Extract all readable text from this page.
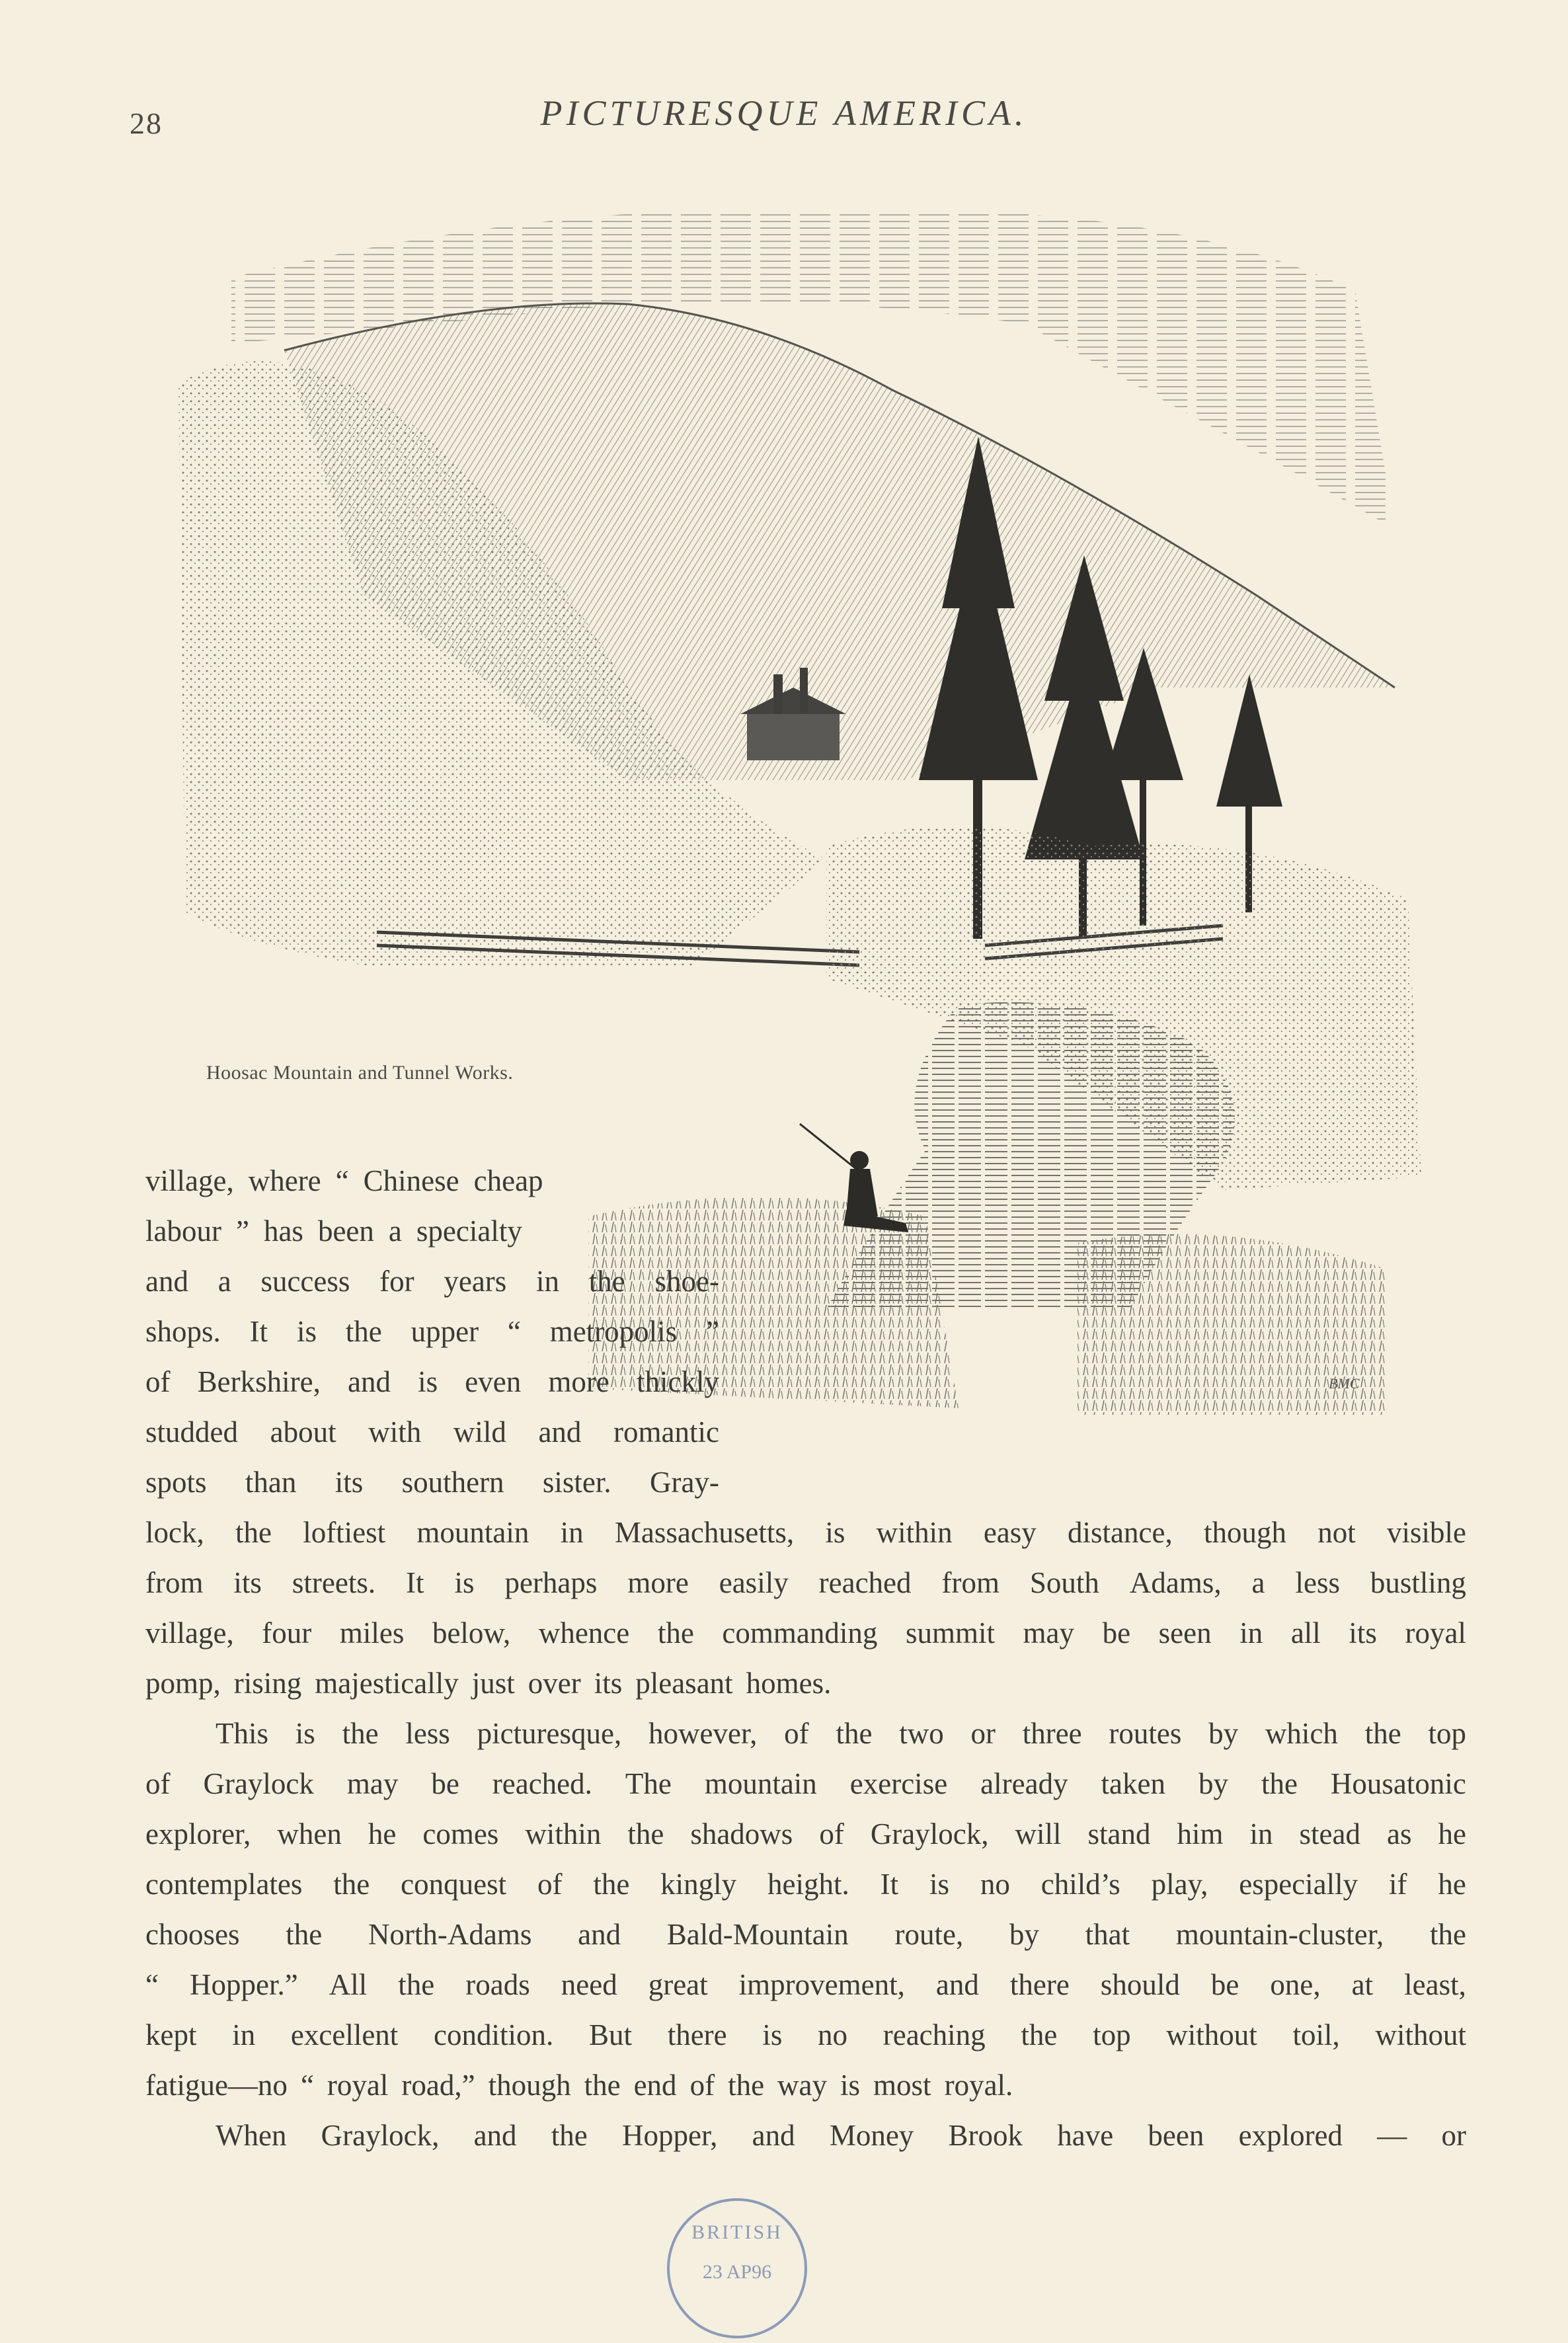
28	PICTURESQUE AMERICA.
BMC
Hoosac Mountain and Tunnel Works.
village, where “ Chinese cheap
labour ” has been a specialty
and a success for years in the shoe-
shops. It is the upper “ metropolis ”
of Berkshire, and is even more thickly
studded about with wild and romantic
spots than its southern sister. Gray-
lock, the loftiest mountain in Massachusetts, is within easy distance, though not visible
from its streets. It is perhaps more easily reached from South Adams, a less bustling
village, four miles below, whence the commanding summit may be seen in all its royal
pomp, rising majestically just over its pleasant homes.
This is the less picturesque, however, of the two or three routes by which the top
of Graylock may be reached. The mountain exercise already taken by the Housatonic
explorer, when he comes within the shadows of Graylock, will stand him in stead as he
contemplates the conquest of the kingly height. It is no child’s play, especially if he
chooses the North-Adams and Bald-Mountain route, by that mountain-cluster, the
“ Hopper.” All the roads need great improvement, and there should be one, at least,
kept in excellent condition. But there is no reaching the top without toil, without
fatigue—no “ royal road,” though the end of the way is most royal.
When Graylock, and the Hopper, and Money Brook have been explored — or
BRITISH
23 AP96
